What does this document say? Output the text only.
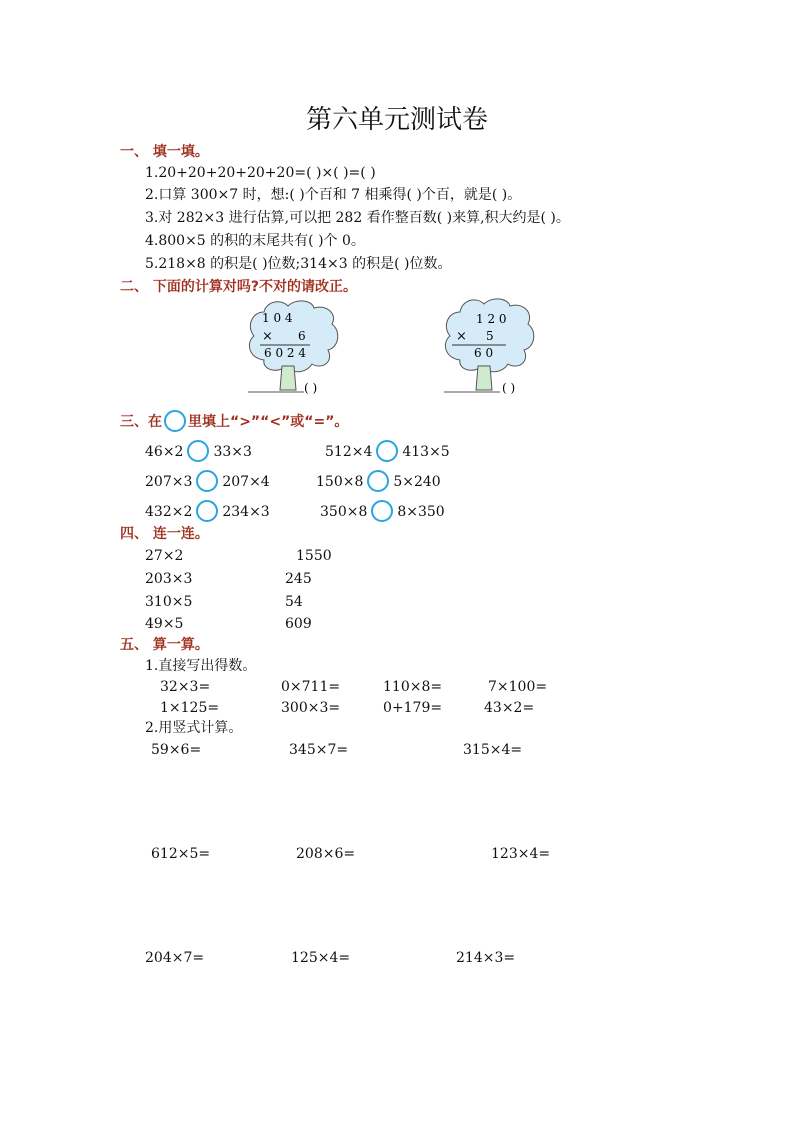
第六单元测试卷
一、 填一填。
1.20+20+20+20+20=( )×( )=( )
2.口算 300×7 时，想:( )个百和 7 相乘得( )个百，就是( )。
3.对 282×3 进行估算,可以把 282 看作整百数( )来算,积大约是( )。
4.800×5 的积的末尾共有( )个 0。
5.218×8 的积是( )位数;314×3 的积是( )位数。
二、 下面的计算对吗?不对的请改正。
1 0 4
× 6
6 0 2 4
( )
1 2 0
× 5
6 0
( )
三、在 里填上“>”“<”或“=”。
46×2 33×3	512×4 413×5
207×3 207×4	150×8 5×240
432×2 234×3	350×8 8×350
四、 连一连。
27×2
203×3
310×5
49×5
1550
245
54
609
五、 算一算。
1.直接写出得数。
32×3=	0×711=	110×8=	7×100=
1×125=	300×3=	0+179=	43×2=
2.用竖式计算。
59×6=	345×7=	315×4=
612×5=	208×6=	123×4=
204×7=	125×4=	214×3=
